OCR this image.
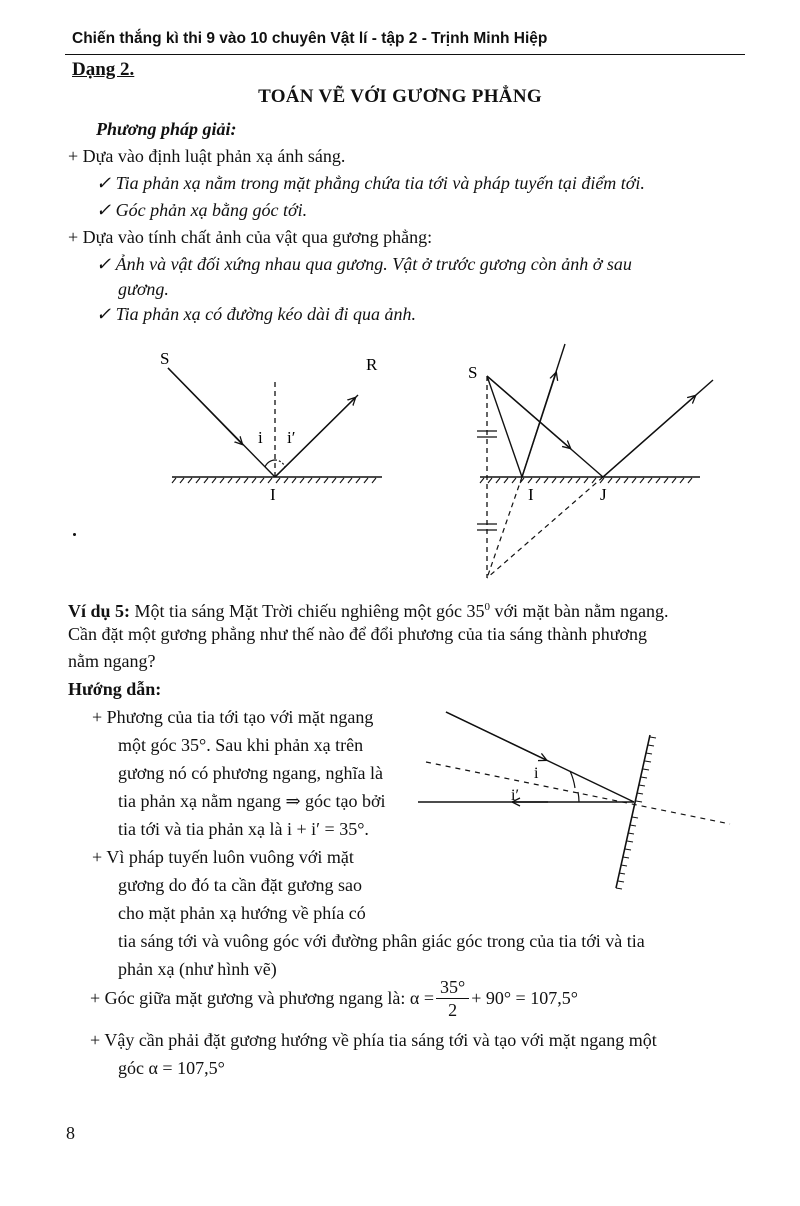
Chiến thắng kì thi 9 vào 10 chuyên Vật lí - tập 2 - Trịnh Minh Hiệp
Dạng 2.
TOÁN VẼ VỚI GƯƠNG PHẲNG
Phương pháp giải:
+ Dựa vào định luật phản xạ ánh sáng.
✓ Tia phản xạ nằm trong mặt phẳng chứa tia tới và pháp tuyến tại điểm tới.
✓ Góc phản xạ bằng góc tới.
+ Dựa vào tính chất ảnh của vật qua gương phẳng:
✓ Ảnh và vật đối xứng nhau qua gương. Vật ở trước gương còn ảnh ở sau
gương.
✓ Tia phản xạ có đường kéo dài đi qua ảnh.
S	R
i i′
I
S
I	J
Ví dụ 5: Một tia sáng Mặt Trời chiếu nghiêng một góc $35^0$ với mặt bàn nằm ngang.
Cần đặt một gương phẳng như thế nào để đổi phương của tia sáng thành phương
nằm ngang?
Hướng dẫn:
+ Phương của tia tới tạo với mặt ngang
một góc 35°. Sau khi phản xạ trên
gương nó có phương ngang, nghĩa là
tia phản xạ nằm ngang ⇒ góc tạo bởi
tia tới và tia phản xạ là i + i′ = 35°.
+ Vì pháp tuyến luôn vuông với mặt
gương do đó ta cần đặt gương sao
cho mặt phản xạ hướng về phía có
tia sáng tới và vuông góc với đường phân giác góc trong của tia tới và tia
phản xạ (như hình vẽ)
i
i′
+ Góc giữa mặt gương và phương ngang là: $\alpha = \frac{35^\circ}{2} + 90^\circ = 107,5^\circ$
+ Vậy cần phải đặt gương hướng về phía tia sáng tới và tạo với mặt ngang một
góc α = 107,5°
8
